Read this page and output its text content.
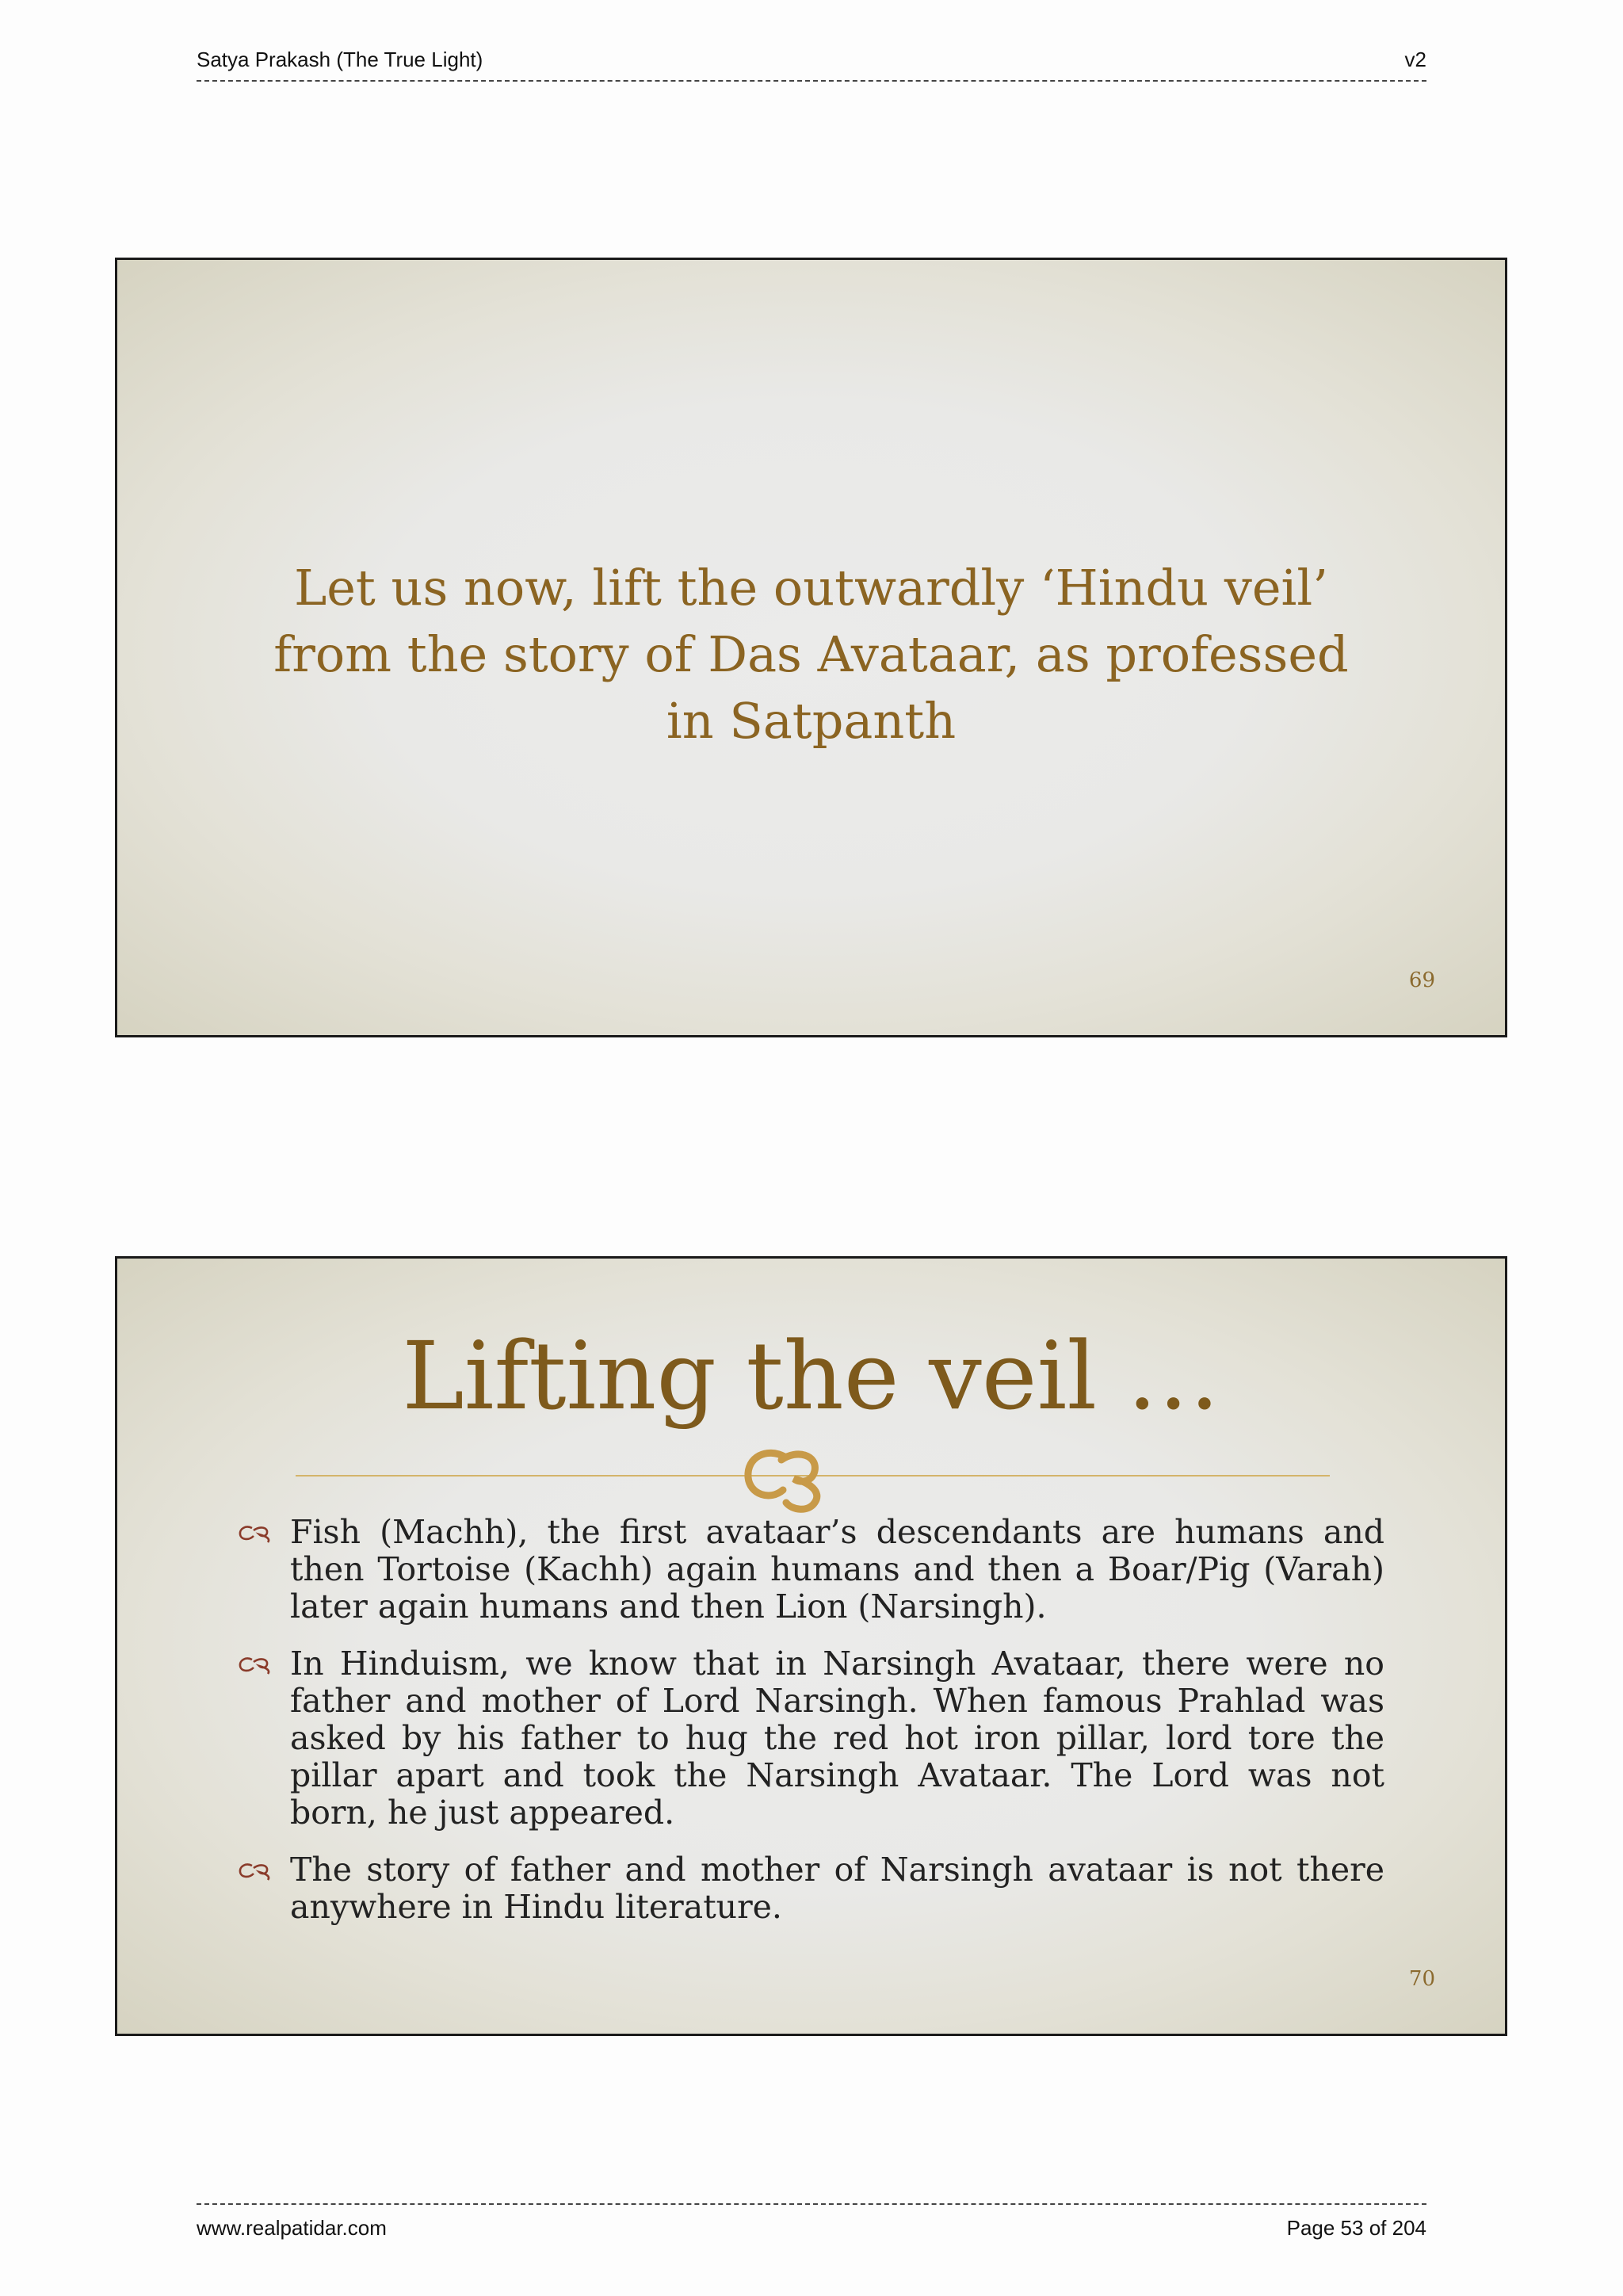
Satya Prakash (The True Light)	v2
Let us now, lift the outwardly ‘Hindu veil’ from the story of Das Avataar, as professed in Satpanth
69
Lifting the veil …
Fish (Machh), the first avataar’s descendants are humans and then Tortoise (Kachh) again humans and then a Boar/Pig (Varah) later again humans and then Lion (Narsingh).
In Hinduism, we know that in Narsingh Avataar, there were no father and mother of Lord Narsingh. When famous Prahlad was asked by his father to hug the red hot iron pillar, lord tore the pillar apart and took the Narsingh Avataar. The Lord was not born, he just appeared.
The story of father and mother of Narsingh avataar is not there anywhere in Hindu literature.
70
www.realpatidar.com	Page 53 of 204
